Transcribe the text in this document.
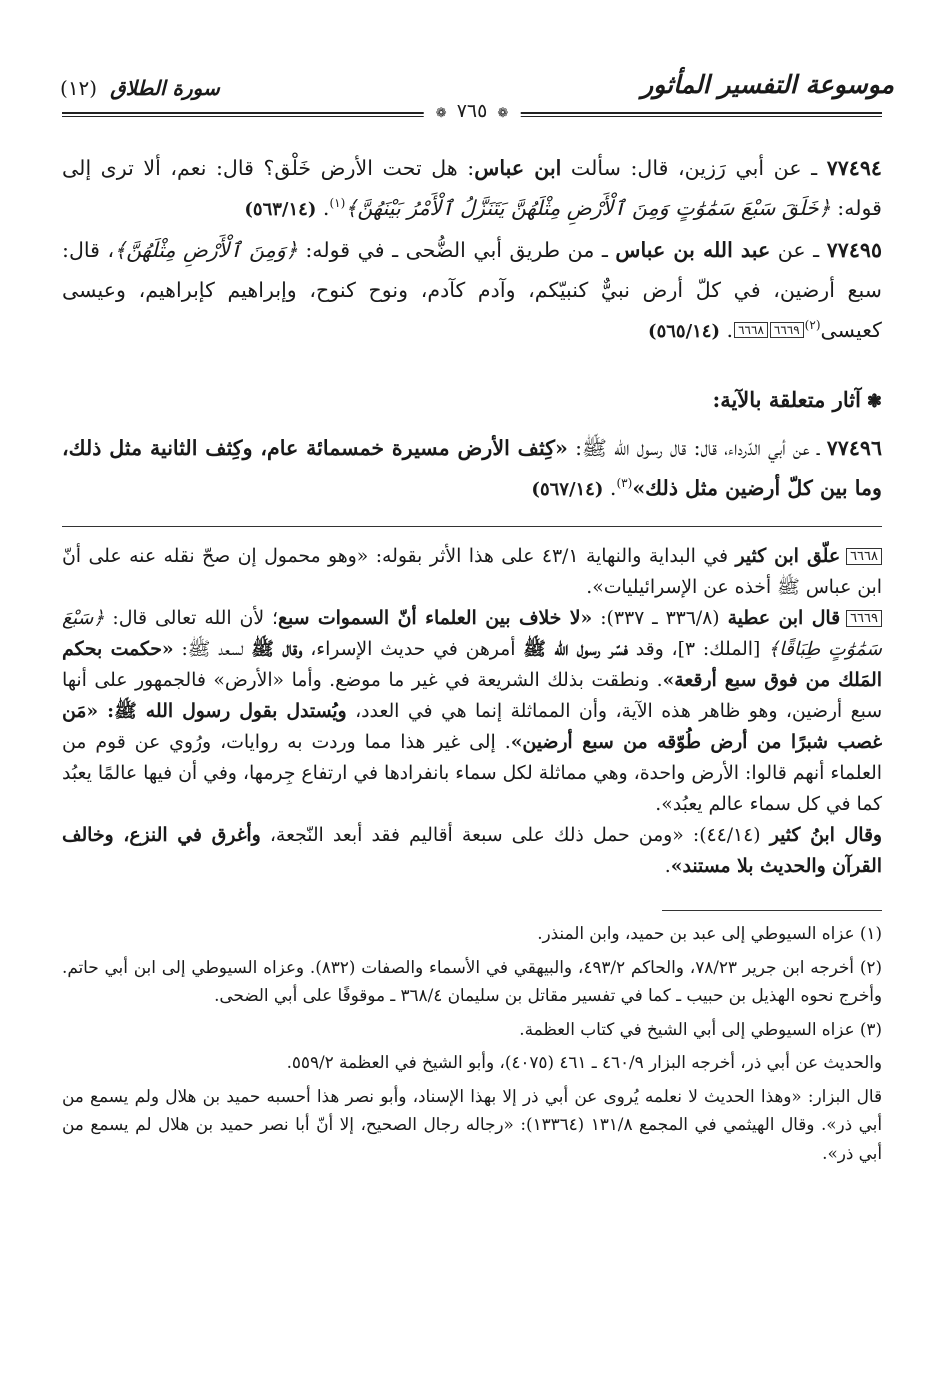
موسوعة التفسير المأثور
سورة الطلاق (١٢)
❁ ٧٦٥ ❁

٧٧٤٩٤ ـ عن أبي رَزين، قال: سألت ابن عباس: هل تحت الأرض خَلْق؟ قال: نعم، ألا ترى إلى قوله: ﴿خَلَقَ سَبْعَ سَمَٰوَٰتٍ وَمِنَ ٱلْأَرْضِ مِثْلَهُنَّ يَتَنَزَّلُ ٱلْأَمْرُ بَيْنَهُنَّ﴾$^{(١)}$. (٥٦٣/١٤)

٧٧٤٩٥ ـ عن عبد الله بن عباس ـ من طريق أبي الضُّحى ـ في قوله: ﴿وَمِنَ ٱلْأَرْضِ مِثْلَهُنَّ﴾، قال: سبع أرضين، في كلّ أرض نبيٌّ كنبيّكم، وآدم كآدم، ونوح كنوح، وإبراهيم كإبراهيم، وعيسى كعيسى$^{(٢)}$٦٦٦٨ ٦٦٦٩. (٥٦٥/١٤)

❃آثار متعلقة بالآية:

٧٧٤٩٦ ـ عن أبي الدّرداء، قال: قال رسول الله ﷺ: «كِثف الأرض مسيرة خمسمائة عام، وكِثف الثانية مثل ذلك، وما بين كلّ أرضين مثل ذلك»$^{(٣)}$. (٥٦٧/١٤)

٦٦٦٨علّق ابن كثير في البداية والنهاية ٤٣/١ على هذا الأثر بقوله: «وهو محمول إن صحّ نقله عنه على أنّ ابن عباس ﷺ أخذه عن الإسرائيليات».

٦٦٦٩قال ابن عطية (٣٣٦/٨ ـ ٣٣٧): «لا خلاف بين العلماء أنّ السموات سبع؛ لأن الله تعالى قال: ﴿سَبْعَ سَمَٰوَٰتٍ طِبَاقًا﴾ [الملك: ٣]، وقد فسّر رسول الله ﷺ أمرهن في حديث الإسراء، وقال ﷺ لسعد ﷺ: «حكمت بحكم المَلك من فوق سبع أرقعة». ونطقت بذلك الشريعة في غير ما موضع. وأما «الأرض» فالجمهور على أنها سبع أرضين، وهو ظاهر هذه الآية، وأن المماثلة إنما هي في العدد، ويُستدل بقول رسول الله ﷺ: «مَن غصب شبرًا من أرض طُوّقه من سبع أرضين». إلى غير هذا مما وردت به روايات، ورُوي عن قوم من العلماء أنهم قالوا: الأرض واحدة، وهي مماثلة لكل سماء بانفرادها في ارتفاع جِرمها، وفي أن فيها عالمًا يعبُد كما في كل سماء عالم يعبُد».

وقال ابنُ كثير (٤٤/١٤): «ومن حمل ذلك على سبعة أقاليم فقد أبعد النّجعة، وأغرق في النزع، وخالف القرآن والحديث بلا مستند».

(١) عزاه السيوطي إلى عبد بن حميد، وابن المنذر.

(٢) أخرجه ابن جرير ٧٨/٢٣، والحاكم ٤٩٣/٢، والبيهقي في الأسماء والصفات (٨٣٢). وعزاه السيوطي إلى ابن أبي حاتم. وأخرج نحوه الهذيل بن حبيب ـ كما في تفسير مقاتل بن سليمان ٣٦٨/٤ ـ موقوفًا على أبي الضحى.

(٣) عزاه السيوطي إلى أبي الشيخ في كتاب العظمة.

والحديث عن أبي ذر، أخرجه البزار ٤٦٠/٩ ـ ٤٦١ (٤٠٧٥)، وأبو الشيخ في العظمة ٥٥٩/٢.

قال البزار: «وهذا الحديث لا نعلمه يُروى عن أبي ذر إلا بهذا الإسناد، وأبو نصر هذا أحسبه حميد بن هلال ولم يسمع من أبي ذر». وقال الهيثمي في المجمع ١٣١/٨ (١٣٣٦٤): «رجاله رجال الصحيح، إلا أنّ أبا نصر حميد بن هلال لم يسمع من أبي ذر».
